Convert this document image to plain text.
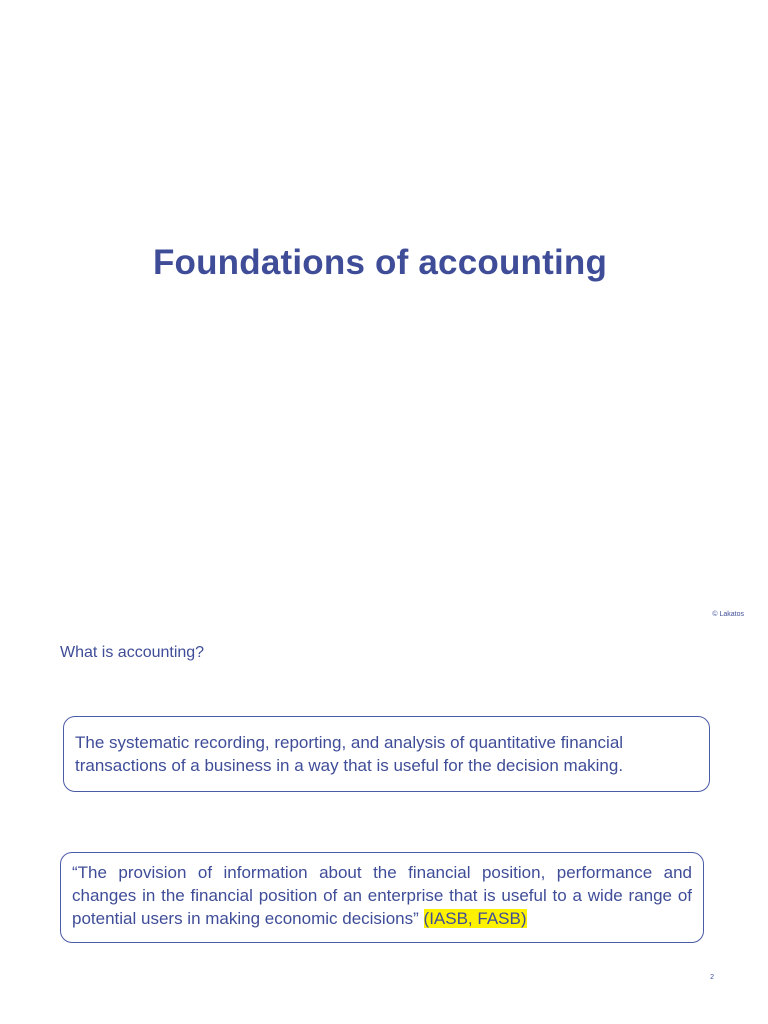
Foundations of accounting
© Lakatos
What is accounting?
The systematic recording, reporting, and analysis of quantitative financial transactions of a business in a way that is useful for the decision making.
“The provision of information about the financial position, performance and changes in the financial position of an enterprise that is useful to a wide range of potential users in making economic decisions” (IASB, FASB)
2
